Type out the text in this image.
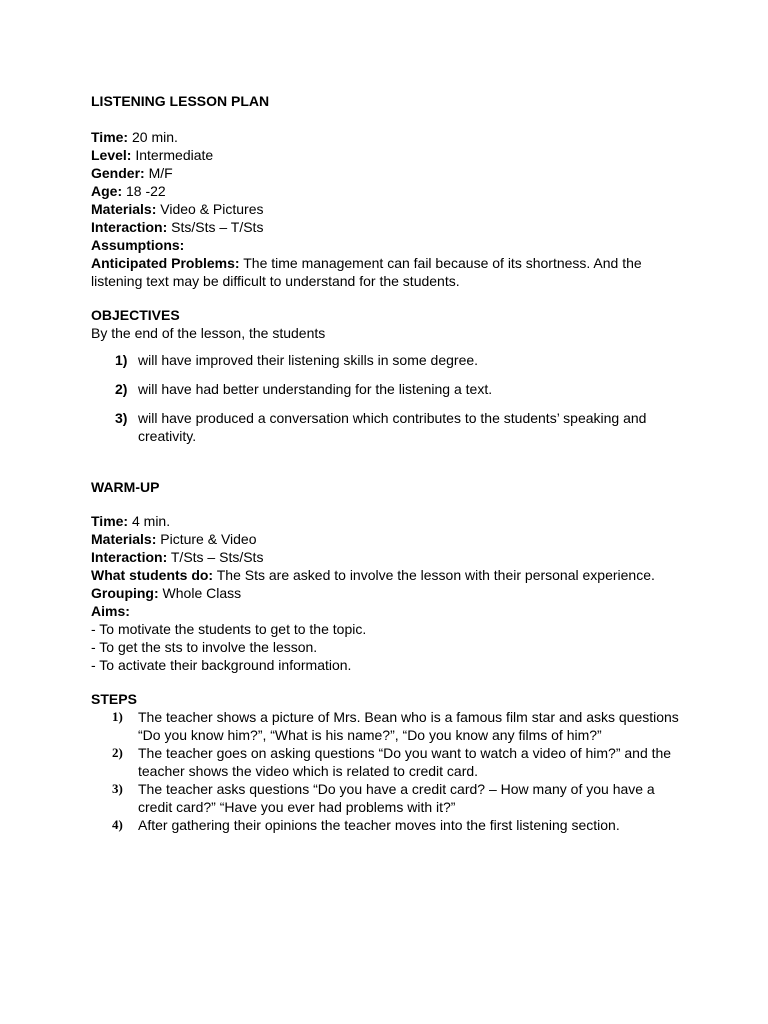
LISTENING LESSON PLAN

Time: 20 min.

Level: Intermediate

Gender: M/F

Age: 18 -22

Materials: Video & Pictures

Interaction: Sts/Sts – T/Sts

Assumptions:

Anticipated Problems: The time management can fail because of its shortness. And the listening text may be difficult to understand for the students.

OBJECTIVES

By the end of the lesson, the students

1) will have improved their listening skills in some degree.
2) will have had better understanding for the listening a text.
3) will have produced a conversation which contributes to the students’ speaking and creativity.

WARM-UP

Time: 4 min.

Materials: Picture & Video

Interaction: T/Sts – Sts/Sts

What students do: The Sts are asked to involve the lesson with their personal experience.

Grouping: Whole Class

Aims:

- To motivate the students to get to the topic.

- To get the sts to involve the lesson.

- To activate their background information.

STEPS

1) The teacher shows a picture of Mrs. Bean who is a famous film star and asks questions “Do you know him?”, “What is his name?”, “Do you know any films of him?”
2) The teacher goes on asking questions “Do you want to watch a video of him?” and the teacher shows the video which is related to credit card.
3) The teacher asks questions “Do you have a credit card? – How many of you have a credit card?” “Have you ever had problems with it?”
4) After gathering their opinions the teacher moves into the first listening section.
